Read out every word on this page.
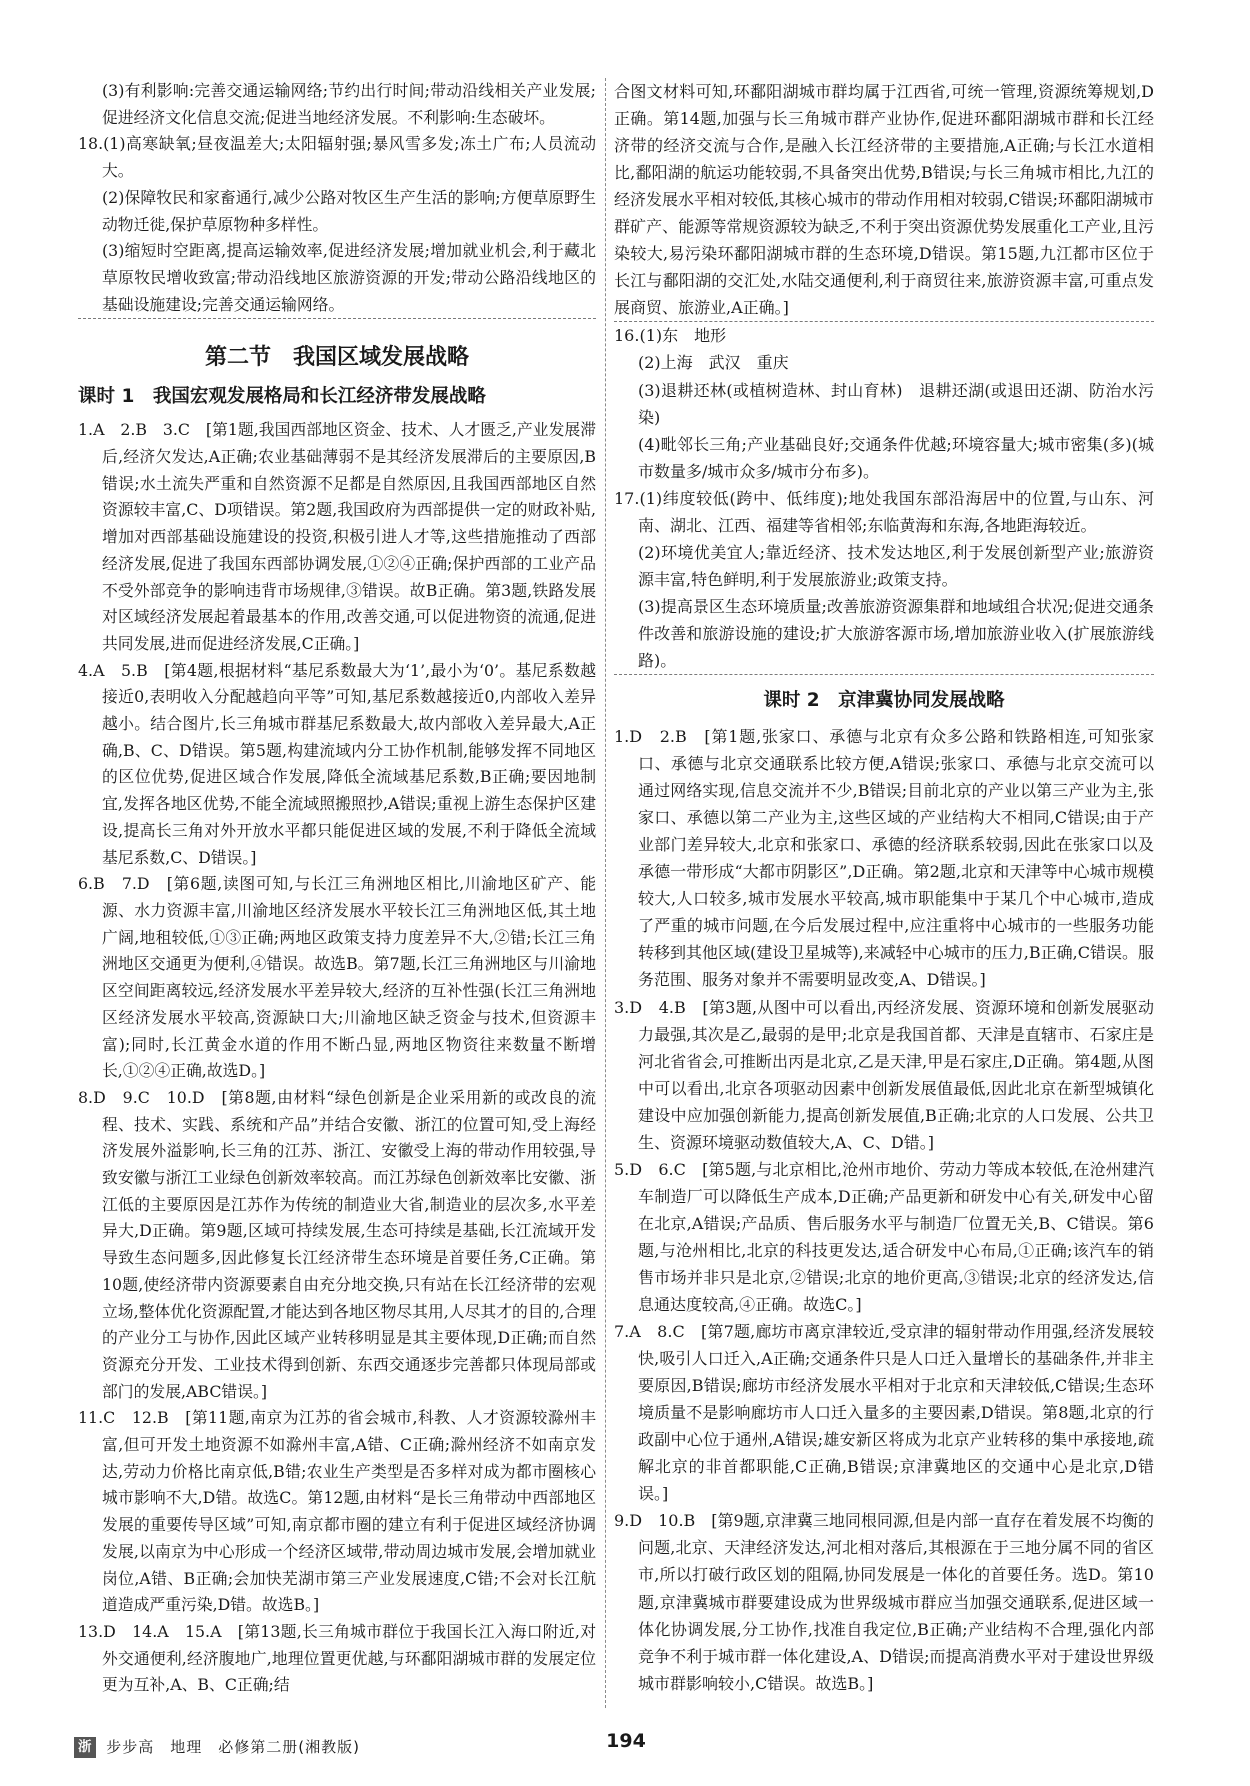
(3)有利影响:完善交通运输网络;节约出行时间;带动沿线相关产业发展;促进经济文化信息交流;促进当地经济发展。不利影响:生态破坏。

18.(1)高寒缺氧;昼夜温差大;太阳辐射强;暴风雪多发;冻土广布;人员流动大。

(2)保障牧民和家畜通行,减少公路对牧区生产生活的影响;方便草原野生动物迁徙,保护草原物种多样性。

(3)缩短时空距离,提高运输效率,促进经济发展;增加就业机会,利于藏北草原牧民增收致富;带动沿线地区旅游资源的开发;带动公路沿线地区的基础设施建设;完善交通运输网络。

第二节　我国区域发展战略
课时 1　我国宏观发展格局和长江经济带发展战略

1.A　2.B　3.C　[第1题,我国西部地区资金、技术、人才匮乏,产业发展滞后,经济欠发达,A正确;农业基础薄弱不是其经济发展滞后的主要原因,B错误;水土流失严重和自然资源不足都是自然原因,且我国西部地区自然资源较丰富,C、D项错误。第2题,我国政府为西部提供一定的财政补贴,增加对西部基础设施建设的投资,积极引进人才等,这些措施推动了西部经济发展,促进了我国东西部协调发展,①②④正确;保护西部的工业产品不受外部竞争的影响违背市场规律,③错误。故B正确。第3题,铁路发展对区域经济发展起着最基本的作用,改善交通,可以促进物资的流通,促进共同发展,进而促进经济发展,C正确。]

4.A　5.B　[第4题,根据材料“基尼系数最大为‘1’,最小为‘0’。基尼系数越接近0,表明收入分配越趋向平等”可知,基尼系数越接近0,内部收入差异越小。结合图片,长三角城市群基尼系数最大,故内部收入差异最大,A正确,B、C、D错误。第5题,构建流域内分工协作机制,能够发挥不同地区的区位优势,促进区域合作发展,降低全流域基尼系数,B正确;要因地制宜,发挥各地区优势,不能全流域照搬照抄,A错误;重视上游生态保护区建设,提高长三角对外开放水平都只能促进区域的发展,不利于降低全流域基尼系数,C、D错误。]

6.B　7.D　[第6题,读图可知,与长江三角洲地区相比,川渝地区矿产、能源、水力资源丰富,川渝地区经济发展水平较长江三角洲地区低,其土地广阔,地租较低,①③正确;两地区政策支持力度差异不大,②错;长江三角洲地区交通更为便利,④错误。故选B。第7题,长江三角洲地区与川渝地区空间距离较远,经济发展水平差异较大,经济的互补性强(长江三角洲地区经济发展水平较高,资源缺口大;川渝地区缺乏资金与技术,但资源丰富);同时,长江黄金水道的作用不断凸显,两地区物资往来数量不断增长,①②④正确,故选D。]

8.D　9.C　10.D　[第8题,由材料“绿色创新是企业采用新的或改良的流程、技术、实践、系统和产品”并结合安徽、浙江的位置可知,受上海经济发展外溢影响,长三角的江苏、浙江、安徽受上海的带动作用较强,导致安徽与浙江工业绿色创新效率较高。而江苏绿色创新效率比安徽、浙江低的主要原因是江苏作为传统的制造业大省,制造业的层次多,水平差异大,D正确。第9题,区域可持续发展,生态可持续是基础,长江流域开发导致生态问题多,因此修复长江经济带生态环境是首要任务,C正确。第10题,使经济带内资源要素自由充分地交换,只有站在长江经济带的宏观立场,整体优化资源配置,才能达到各地区物尽其用,人尽其才的目的,合理的产业分工与协作,因此区域产业转移明显是其主要体现,D正确;而自然资源充分开发、工业技术得到创新、东西交通逐步完善都只体现局部或部门的发展,ABC错误。]

11.C　12.B　[第11题,南京为江苏的省会城市,科教、人才资源较滁州丰富,但可开发土地资源不如滁州丰富,A错、C正确;滁州经济不如南京发达,劳动力价格比南京低,B错;农业生产类型是否多样对成为都市圈核心城市影响不大,D错。故选C。第12题,由材料“是长三角带动中西部地区发展的重要传导区域”可知,南京都市圈的建立有利于促进区域经济协调发展,以南京为中心形成一个经济区域带,带动周边城市发展,会增加就业岗位,A错、B正确;会加快芜湖市第三产业发展速度,C错;不会对长江航道造成严重污染,D错。故选B。]

13.D　14.A　15.A　[第13题,长三角城市群位于我国长江入海口附近,对外交通便利,经济腹地广,地理位置更优越,与环鄱阳湖城市群的发展定位更为互补,A、B、C正确;结

合图文材料可知,环鄱阳湖城市群均属于江西省,可统一管理,资源统筹规划,D正确。第14题,加强与长三角城市群产业协作,促进环鄱阳湖城市群和长江经济带的经济交流与合作,是融入长江经济带的主要措施,A正确;与长江水道相比,鄱阳湖的航运功能较弱,不具备突出优势,B错误;与长三角城市相比,九江的经济发展水平相对较低,其核心城市的带动作用相对较弱,C错误;环鄱阳湖城市群矿产、能源等常规资源较为缺乏,不利于突出资源优势发展重化工产业,且污染较大,易污染环鄱阳湖城市群的生态环境,D错误。第15题,九江都市区位于长江与鄱阳湖的交汇处,水陆交通便利,利于商贸往来,旅游资源丰富,可重点发展商贸、旅游业,A正确。]

16.(1)东　地形

(2)上海　武汉　重庆

(3)退耕还林(或植树造林、封山育林)　退耕还湖(或退田还湖、防治水污染)

(4)毗邻长三角;产业基础良好;交通条件优越;环境容量大;城市密集(多)(城市数量多/城市众多/城市分布多)。

17.(1)纬度较低(跨中、低纬度);地处我国东部沿海居中的位置,与山东、河南、湖北、江西、福建等省相邻;东临黄海和东海,各地距海较近。

(2)环境优美宜人;靠近经济、技术发达地区,利于发展创新型产业;旅游资源丰富,特色鲜明,利于发展旅游业;政策支持。

(3)提高景区生态环境质量;改善旅游资源集群和地域组合状况;促进交通条件改善和旅游设施的建设;扩大旅游客源市场,增加旅游业收入(扩展旅游线路)。

课时 2　京津冀协同发展战略

1.D　2.B　[第1题,张家口、承德与北京有众多公路和铁路相连,可知张家口、承德与北京交通联系比较方便,A错误;张家口、承德与北京交流可以通过网络实现,信息交流并不少,B错误;目前北京的产业以第三产业为主,张家口、承德以第二产业为主,这些区域的产业结构大不相同,C错误;由于产业部门差异较大,北京和张家口、承德的经济联系较弱,因此在张家口以及承德一带形成“大都市阴影区”,D正确。第2题,北京和天津等中心城市规模较大,人口较多,城市发展水平较高,城市职能集中于某几个中心城市,造成了严重的城市问题,在今后发展过程中,应注重将中心城市的一些服务功能转移到其他区域(建设卫星城等),来减轻中心城市的压力,B正确,C错误。服务范围、服务对象并不需要明显改变,A、D错误。]

3.D　4.B　[第3题,从图中可以看出,丙经济发展、资源环境和创新发展驱动力最强,其次是乙,最弱的是甲;北京是我国首都、天津是直辖市、石家庄是河北省省会,可推断出丙是北京,乙是天津,甲是石家庄,D正确。第4题,从图中可以看出,北京各项驱动因素中创新发展值最低,因此北京在新型城镇化建设中应加强创新能力,提高创新发展值,B正确;北京的人口发展、公共卫生、资源环境驱动数值较大,A、C、D错。]

5.D　6.C　[第5题,与北京相比,沧州市地价、劳动力等成本较低,在沧州建汽车制造厂可以降低生产成本,D正确;产品更新和研发中心有关,研发中心留在北京,A错误;产品质、售后服务水平与制造厂位置无关,B、C错误。第6题,与沧州相比,北京的科技更发达,适合研发中心布局,①正确;该汽车的销售市场并非只是北京,②错误;北京的地价更高,③错误;北京的经济发达,信息通达度较高,④正确。故选C。]

7.A　8.C　[第7题,廊坊市离京津较近,受京津的辐射带动作用强,经济发展较快,吸引人口迁入,A正确;交通条件只是人口迁入量增长的基础条件,并非主要原因,B错误;廊坊市经济发展水平相对于北京和天津较低,C错误;生态环境质量不是影响廊坊市人口迁入量多的主要因素,D错误。第8题,北京的行政副中心位于通州,A错误;雄安新区将成为北京产业转移的集中承接地,疏解北京的非首都职能,C正确,B错误;京津冀地区的交通中心是北京,D错误。]

9.D　10.B　[第9题,京津冀三地同根同源,但是内部一直存在着发展不均衡的问题,北京、天津经济发达,河北相对落后,其根源在于三地分属不同的省区市,所以打破行政区划的阻隔,协同发展是一体化的首要任务。选D。第10题,京津冀城市群要建设成为世界级城市群应当加强交通联系,促进区域一体化协调发展,分工协作,找准自我定位,B正确;产业结构不合理,强化内部竞争不利于城市群一体化建设,A、D错误;而提高消费水平对于建设世界级城市群影响较小,C错误。故选B。]

浙 步步高　地理　必修第二册(湘教版)	194
